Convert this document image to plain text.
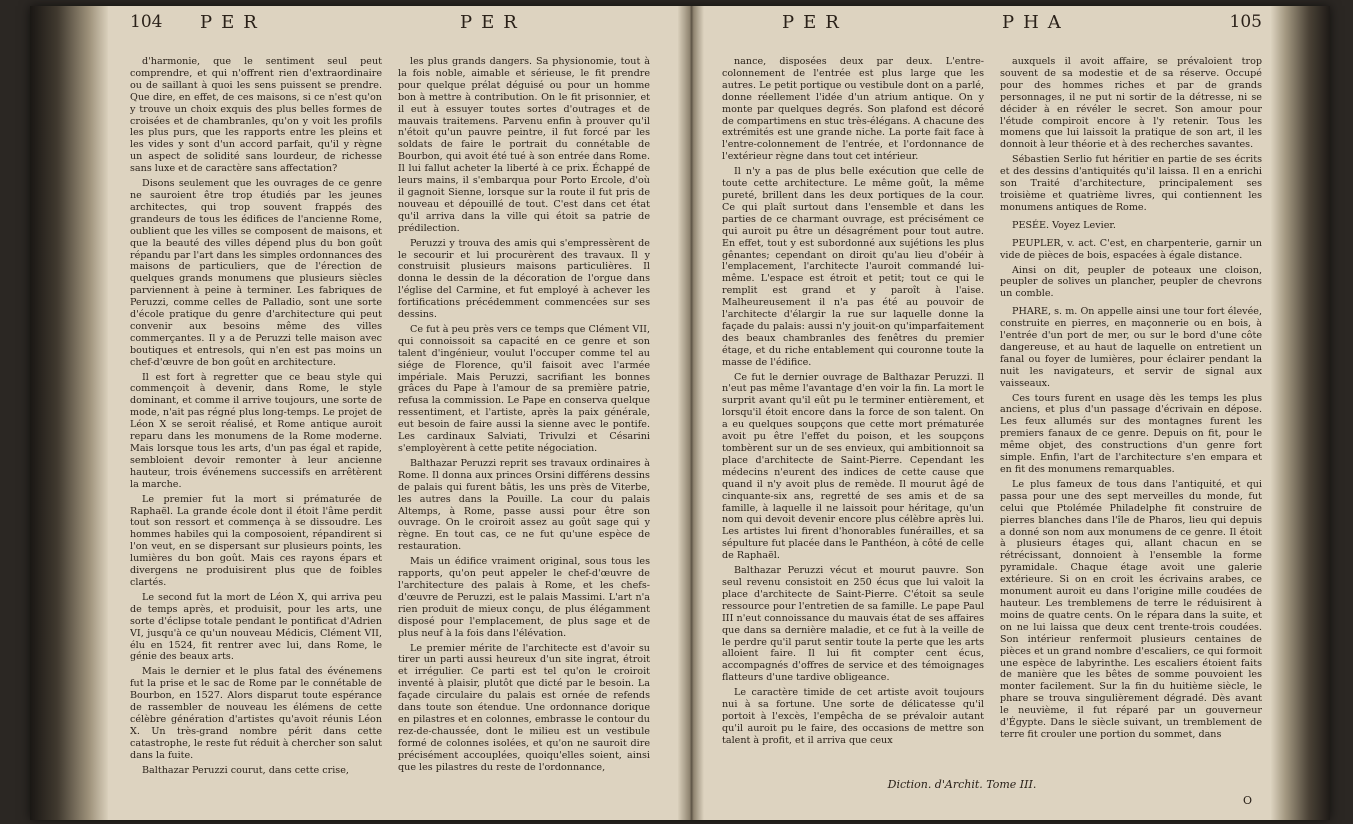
104 PER	PER

d'harmonie, que le sentiment seul peut comprendre, et qui n'offrent rien d'extraordinaire ou de saillant à quoi les sens puissent se prendre. Que dire, en effet, de ces maisons, si ce n'est qu'on y trouve un choix exquis des plus belles formes de croisées et de chambranles, qu'on y voit les profils les plus purs, que les rapports entre les pleins et les vides y sont d'un accord parfait, qu'il y règne un aspect de solidité sans lourdeur, de richesse sans luxe et de caractère sans affectation?

Disons seulement que les ouvrages de ce genre ne sauroient être trop étudiés par les jeunes architectes, qui trop souvent frappés des grandeurs de tous les édifices de l'ancienne Rome, oublient que les villes se composent de maisons, et que la beauté des villes dépend plus du bon goût répandu par l'art dans les simples ordonnances des maisons de particuliers, que de l'érection de quelques grands monumens que plusieurs siècles parviennent à peine à terminer. Les fabriques de Peruzzi, comme celles de Palladio, sont une sorte d'école pratique du genre d'architecture qui peut convenir aux besoins même des villes commerçantes. Il y a de Peruzzi telle maison avec boutiques et entresols, qui n'en est pas moins un chef-d'œuvre de bon goût en architecture.

Il est fort à regretter que ce beau style qui commençoit à devenir, dans Rome, le style dominant, et comme il arrive toujours, une sorte de mode, n'ait pas régné plus long-temps. Le projet de Léon X se seroit réalisé, et Rome antique auroit reparu dans les monumens de la Rome moderne. Mais lorsque tous les arts, d'un pas égal et rapide, sembloient devoir remonter à leur ancienne hauteur, trois événemens successifs en arrêtèrent la marche.

Le premier fut la mort si prématurée de Raphaël. La grande école dont il étoit l'âme perdit tout son ressort et commença à se dissoudre. Les hommes habiles qui la composoient, répandirent si l'on veut, en se dispersant sur plusieurs points, les lumières du bon goût. Mais ces rayons épars et divergens ne produisirent plus que de foibles clartés.

Le second fut la mort de Léon X, qui arriva peu de temps après, et produisit, pour les arts, une sorte d'éclipse totale pendant le pontificat d'Adrien VI, jusqu'à ce qu'un nouveau Médicis, Clément VII, élu en 1524, fit rentrer avec lui, dans Rome, le génie des beaux arts.

Mais le dernier et le plus fatal des événemens fut la prise et le sac de Rome par le connétable de Bourbon, en 1527. Alors disparut toute espérance de rassembler de nouveau les élémens de cette célèbre génération d'artistes qu'avoit réunis Léon X. Un très-grand nombre périt dans cette catastrophe, le reste fut réduit à chercher son salut dans la fuite.

Balthazar Peruzzi courut, dans cette crise,

les plus grands dangers. Sa physionomie, tout à la fois noble, aimable et sérieuse, le fit prendre pour quelque prélat déguisé ou pour un homme bon à mettre à contribution. On le fit prisonnier, et il eut à essuyer toutes sortes d'outrages et de mauvais traitemens. Parvenu enfin à prouver qu'il n'étoit qu'un pauvre peintre, il fut forcé par les soldats de faire le portrait du connétable de Bourbon, qui avoit été tué à son entrée dans Rome. Il lui fallut acheter la liberté à ce prix. Échappé de leurs mains, il s'embarqua pour Porto Ercole, d'où il gagnoit Sienne, lorsque sur la route il fut pris de nouveau et dépouillé de tout. C'est dans cet état qu'il arriva dans la ville qui étoit sa patrie de prédilection.

Peruzzi y trouva des amis qui s'empressèrent de le secourir et lui procurèrent des travaux. Il y construisit plusieurs maisons particulières. Il donna le dessin de la décoration de l'orgue dans l'église del Carmine, et fut employé à achever les fortifications précédemment commencées sur ses dessins.

Ce fut à peu près vers ce temps que Clément VII, qui connoissoit sa capacité en ce genre et son talent d'ingénieur, voulut l'occuper comme tel au siége de Florence, qu'il faisoit avec l'armée impériale. Mais Peruzzi, sacrifiant les bonnes grâces du Pape à l'amour de sa première patrie, refusa la commission. Le Pape en conserva quelque ressentiment, et l'artiste, après la paix générale, eut besoin de faire aussi la sienne avec le pontife. Les cardinaux Salviati, Trivulzi et Césarini s'employèrent à cette petite négociation.

Balthazar Peruzzi reprit ses travaux ordinaires à Rome. Il donna aux princes Orsini différens dessins de palais qui furent bâtis, les uns près de Viterbe, les autres dans la Pouille. La cour du palais Altemps, à Rome, passe aussi pour être son ouvrage. On le croiroit assez au goût sage qui y règne. En tout cas, ce ne fut qu'une espèce de restauration.

Mais un édifice vraiment original, sous tous les rapports, qu'on peut appeler le chef-d'œuvre de l'architecture des palais à Rome, et les chefs-d'œuvre de Peruzzi, est le palais Massimi. L'art n'a rien produit de mieux conçu, de plus élégamment disposé pour l'emplacement, de plus sage et de plus neuf à la fois dans l'élévation.

Le premier mérite de l'architecte est d'avoir su tirer un parti aussi heureux d'un site ingrat, étroit et irrégulier. Ce parti est tel qu'on le croiroit inventé à plaisir, plutôt que dicté par le besoin. La façade circulaire du palais est ornée de refends dans toute son étendue. Une ordonnance dorique en pilastres et en colonnes, embrasse le contour du rez-de-chaussée, dont le milieu est un vestibule formé de colonnes isolées, et qu'on ne sauroit dire précisément accouplées, quoiqu'elles soient, ainsi que les pilastres du reste de l'ordonnance,

PER	PHA	105

nance, disposées deux par deux. L'entre-colonnement de l'entrée est plus large que les autres. Le petit portique ou vestibule dont on a parlé, donne réellement l'idée d'un atrium antique. On y monte par quelques degrés. Son plafond est décoré de compartimens en stuc très-élégans. A chacune des extrémités est une grande niche. La porte fait face à l'entre-colonnement de l'entrée, et l'ordonnance de l'extérieur règne dans tout cet intérieur.

Il n'y a pas de plus belle exécution que celle de toute cette architecture. Le même goût, la même pureté, brillent dans les deux portiques de la cour. Ce qui plaît surtout dans l'ensemble et dans les parties de ce charmant ouvrage, est précisément ce qui auroit pu être un désagrément pour tout autre. En effet, tout y est subordonné aux sujétions les plus gênantes; cependant on diroit qu'au lieu d'obéir à l'emplacement, l'architecte l'auroit commandé lui-même. L'espace est étroit et petit; tout ce qui le remplit est grand et y paroît à l'aise. Malheureusement il n'a pas été au pouvoir de l'architecte d'élargir la rue sur laquelle donne la façade du palais: aussi n'y jouit-on qu'imparfaitement des beaux chambranles des fenêtres du premier étage, et du riche entablement qui couronne toute la masse de l'édifice.

Ce fut le dernier ouvrage de Balthazar Peruzzi. Il n'eut pas même l'avantage d'en voir la fin. La mort le surprit avant qu'il eût pu le terminer entièrement, et lorsqu'il étoit encore dans la force de son talent. On a eu quelques soupçons que cette mort prématurée avoit pu être l'effet du poison, et les soupçons tombèrent sur un de ses envieux, qui ambitionnoit sa place d'architecte de Saint-Pierre. Cependant les médecins n'eurent des indices de cette cause que quand il n'y avoit plus de remède. Il mourut âgé de cinquante-six ans, regretté de ses amis et de sa famille, à laquelle il ne laissoit pour héritage, qu'un nom qui devoit devenir encore plus célèbre après lui. Les artistes lui firent d'honorables funérailles, et sa sépulture fut placée dans le Panthéon, à côté de celle de Raphaël.

Balthazar Peruzzi vécut et mourut pauvre. Son seul revenu consistoit en 250 écus que lui valoit la place d'architecte de Saint-Pierre. C'étoit sa seule ressource pour l'entretien de sa famille. Le pape Paul III n'eut connoissance du mauvais état de ses affaires que dans sa dernière maladie, et ce fut à la veille de le perdre qu'il parut sentir toute la perte que les arts alloient faire. Il lui fit compter cent écus, accompagnés d'offres de service et des témoignages flatteurs d'une tardive obligeance.

Le caractère timide de cet artiste avoit toujours nui à sa fortune. Une sorte de délicatesse qu'il portoit à l'excès, l'empêcha de se prévaloir autant qu'il auroit pu le faire, des occasions de mettre son talent à profit, et il arriva que ceux

auxquels il avoit affaire, se prévaloient trop souvent de sa modestie et de sa réserve. Occupé pour des hommes riches et par de grands personnages, il ne put ni sortir de la détresse, ni se décider à en révéler le secret. Son amour pour l'étude compiroit encore à l'y retenir. Tous les momens que lui laissoit la pratique de son art, il les donnoit à leur théorie et à des recherches savantes.

Sébastien Serlio fut héritier en partie de ses écrits et des dessins d'antiquités qu'il laissa. Il en a enrichi son Traité d'architecture, principalement ses troisième et quatrième livres, qui contiennent les monumens antiques de Rome.

PESÉE. Voyez Levier.

PEUPLER, v. act. C'est, en charpenterie, garnir un vide de pièces de bois, espacées à égale distance.

Ainsi on dit, peupler de poteaux une cloison, peupler de solives un plancher, peupler de chevrons un comble.

PHARE, s. m. On appelle ainsi une tour fort élevée, construite en pierres, en maçonnerie ou en bois, à l'entrée d'un port de mer, ou sur le bord d'une côte dangereuse, et au haut de laquelle on entretient un fanal ou foyer de lumières, pour éclairer pendant la nuit les navigateurs, et servir de signal aux vaisseaux.

Ces tours furent en usage dès les temps les plus anciens, et plus d'un passage d'écrivain en dépose. Les feux allumés sur des montagnes furent les premiers fanaux de ce genre. Depuis on fit, pour le même objet, des constructions d'un genre fort simple. Enfin, l'art de l'architecture s'en empara et en fit des monumens remarquables.

Le plus fameux de tous dans l'antiquité, et qui passa pour une des sept merveilles du monde, fut celui que Ptolémée Philadelphe fit construire de pierres blanches dans l'île de Pharos, lieu qui depuis a donné son nom aux monumens de ce genre. Il étoit à plusieurs étages qui, allant chacun en se rétrécissant, donnoient à l'ensemble la forme pyramidale. Chaque étage avoit une galerie extérieure. Si on en croit les écrivains arabes, ce monument auroit eu dans l'origine mille coudées de hauteur. Les tremblemens de terre le réduisirent à moins de quatre cents. On le répara dans la suite, et on ne lui laissa que deux cent trente-trois coudées. Son intérieur renfermoit plusieurs centaines de pièces et un grand nombre d'escaliers, ce qui formoit une espèce de labyrinthe. Les escaliers étoient faits de manière que les bêtes de somme pouvoient les monter facilement. Sur la fin du huitième siècle, le phare se trouva singulièrement dégradé. Dès avant le neuvième, il fut réparé par un gouverneur d'Égypte. Dans le siècle suivant, un tremblement de terre fit crouler une portion du sommet, dans

Diction. d'Archit. Tome III.
O
